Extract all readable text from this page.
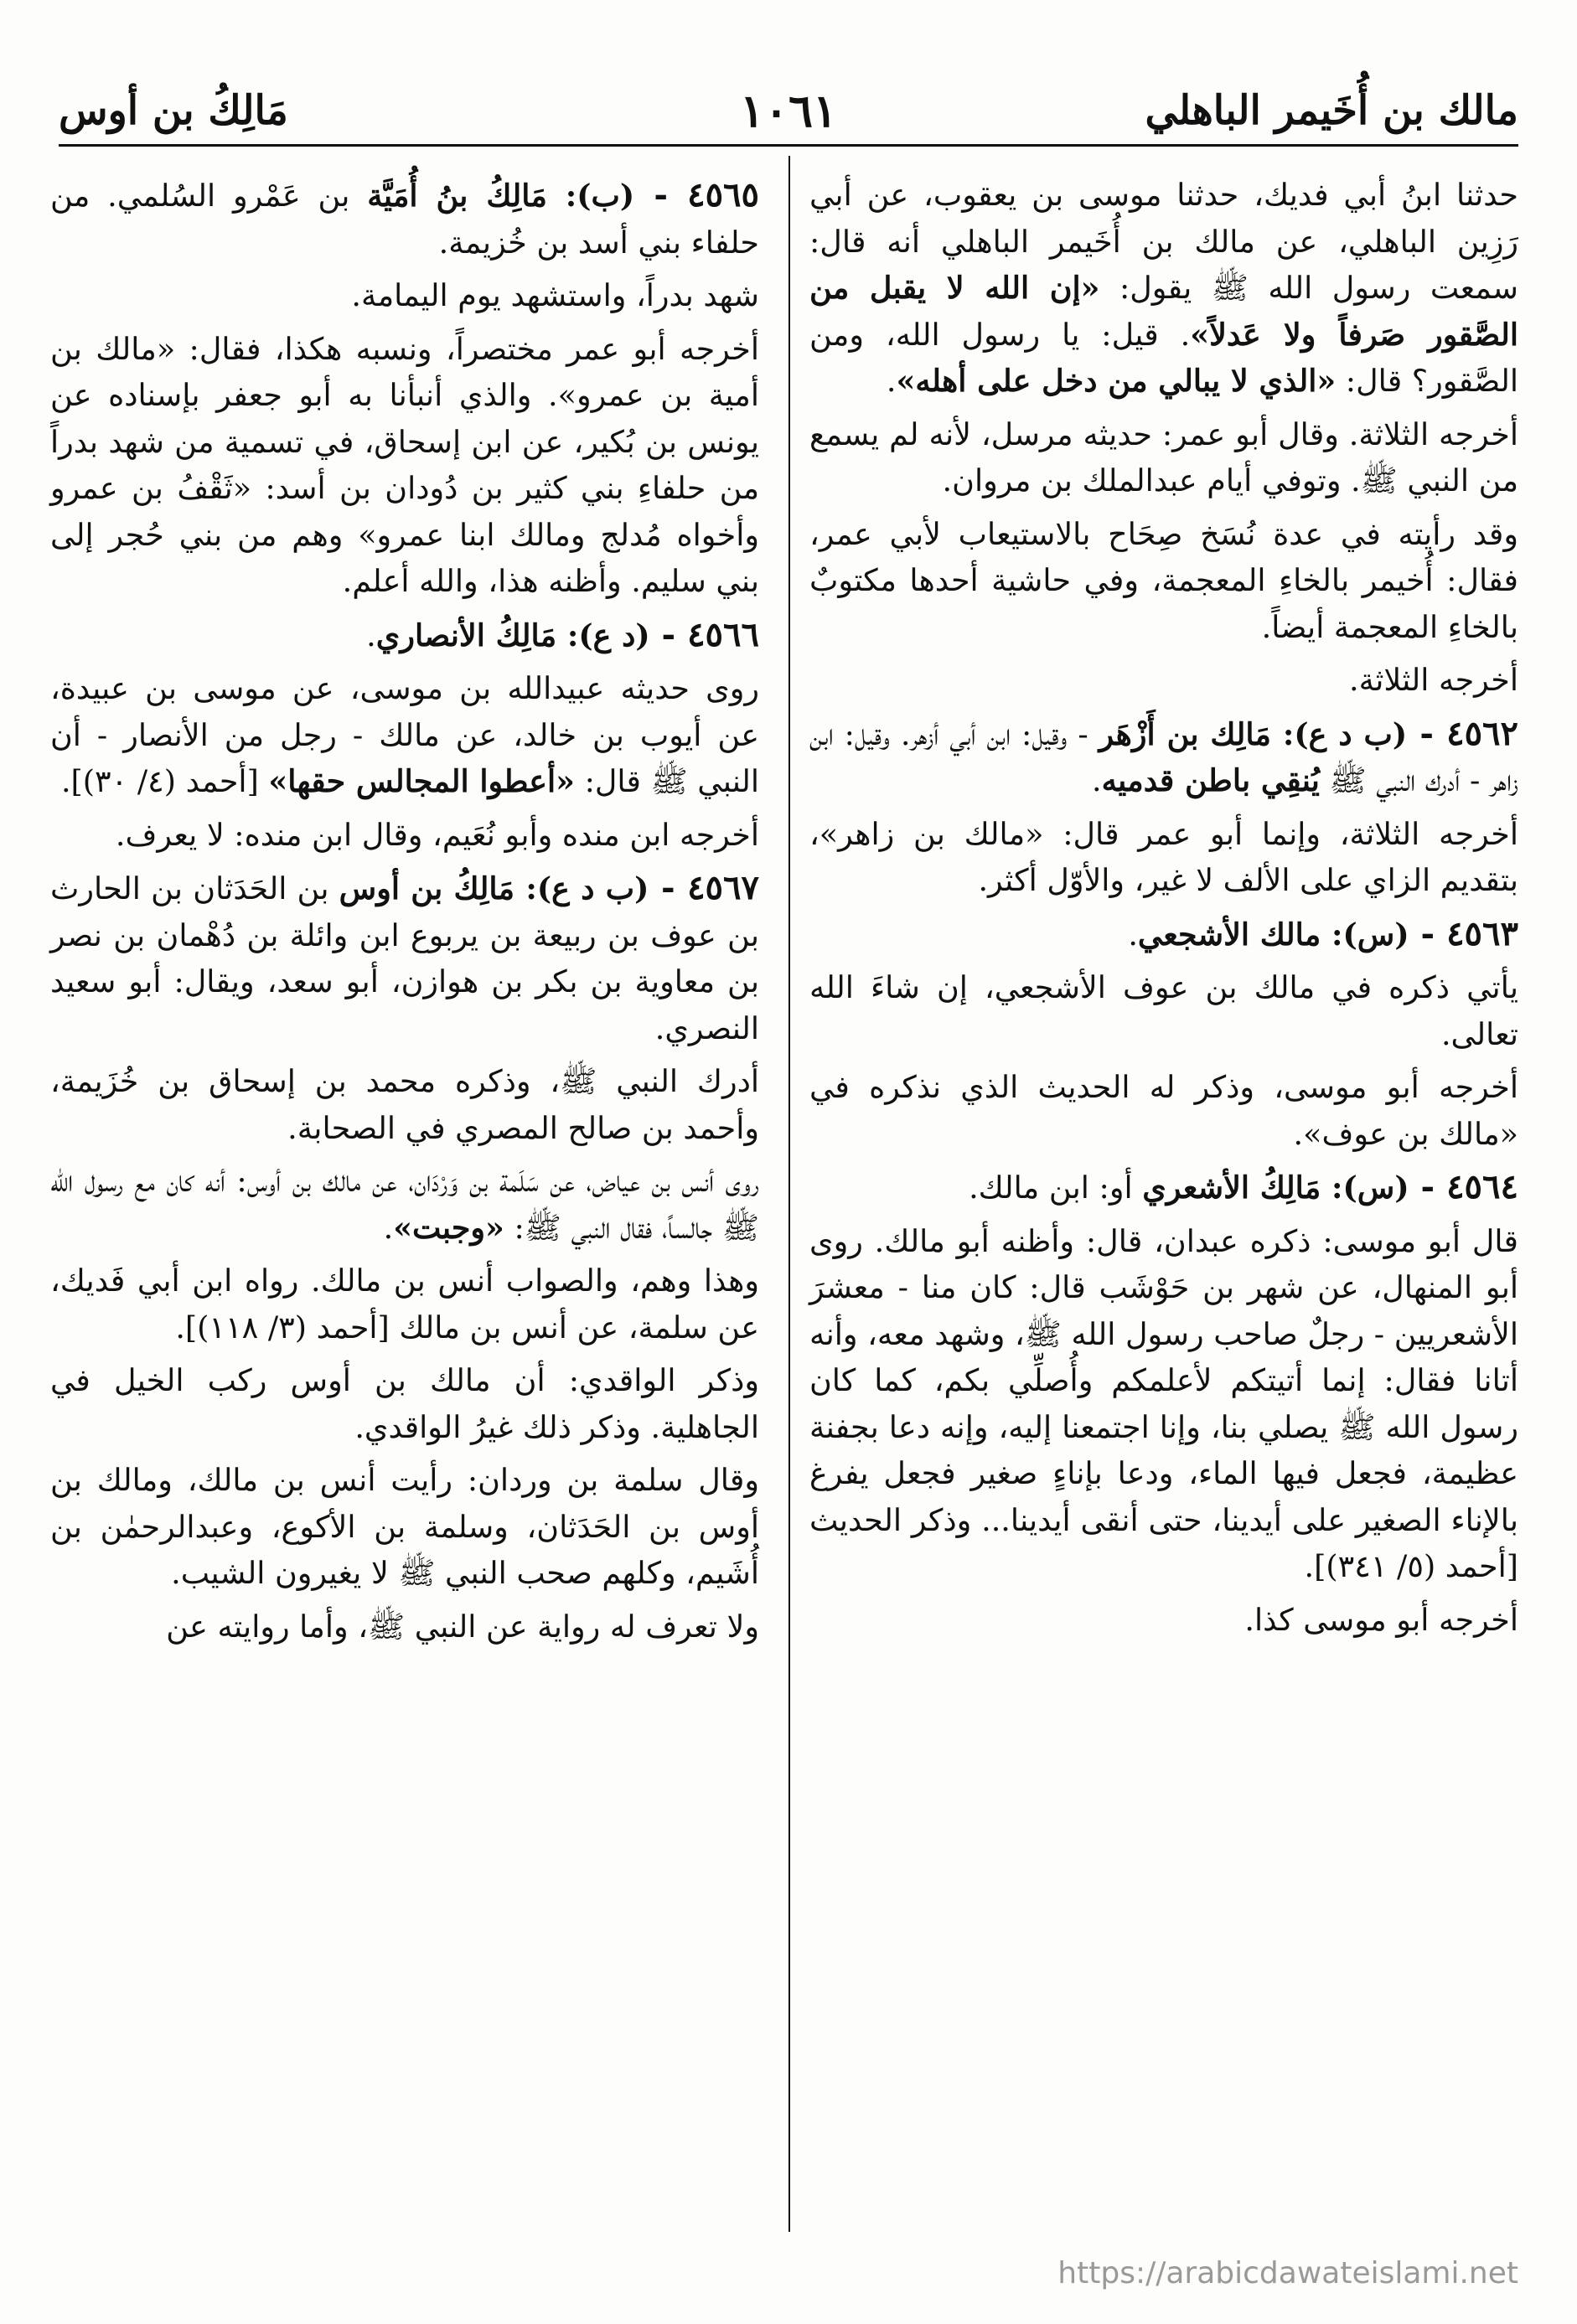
مالك بن أُخَيمر الباهلي
١٠٦١
مَالِكُ بن أوس

حدثنا ابنُ أبي فديك، حدثنا موسى بن يعقوب، عن أبي رَزِين الباهلي، عن مالك بن أُخَيمر الباهلي أنه قال: سمعت رسول الله ﷺ يقول: «إن الله لا يقبل من الصَّقور صَرفاً ولا عَدلاً». قيل: يا رسول الله، ومن الصَّقور؟ قال: «الذي لا يبالي من دخل على أهله».

أخرجه الثلاثة. وقال أبو عمر: حديثه مرسل، لأنه لم يسمع من النبي ﷺ. وتوفي أيام عبدالملك بن مروان.

وقد رأيته في عدة نُسَخ صِحَاح بالاستيعاب لأبي عمر، فقال: أُخيمر بالخاءِ المعجمة، وفي حاشية أحدها مكتوبٌ بالخاءِ المعجمة أيضاً.

أخرجه الثلاثة.

٤٥٦٢ - (ب د ع): مَالِك بن أَزْهَر - وقيل: ابن أبي أزهر. وقيل: ابن زاهر - أدرك النبي ﷺ يُنقِي باطن قدميه.

أخرجه الثلاثة، وإنما أبو عمر قال: «مالك بن زاهر»، بتقديم الزاي على الألف لا غير، والأوّل أكثر.

٤٥٦٣ - (س): مالك الأشجعي.

يأتي ذكره في مالك بن عوف الأشجعي، إن شاءَ الله تعالى.

أخرجه أبو موسى، وذكر له الحديث الذي نذكره في «مالك بن عوف».

٤٥٦٤ - (س): مَالِكُ الأشعري أو: ابن مالك.

قال أبو موسى: ذكره عبدان، قال: وأظنه أبو مالك. روى أبو المنهال، عن شهر بن حَوْشَب قال: كان منا - معشرَ الأشعريين - رجلٌ صاحب رسول الله ﷺ، وشهد معه، وأنه أتانا فقال: إنما أتيتكم لأعلمكم وأُصلِّي بكم، كما كان رسول الله ﷺ يصلي بنا، وإنا اجتمعنا إليه، وإنه دعا بجفنة عظيمة، فجعل فيها الماء، ودعا بإناءٍ صغير فجعل يفرغ بالإناء الصغير على أيدينا، حتى أنقى أيدينا... وذكر الحديث [أحمد (٥/ ٣٤١)].

أخرجه أبو موسى كذا.

٤٥٦٥ - (ب): مَالِكُ بنُ أُمَيَّة بن عَمْرو السُلمي. من حلفاء بني أسد بن خُزيمة.

شهد بدراً، واستشهد يوم اليمامة.

أخرجه أبو عمر مختصراً، ونسبه هكذا، فقال: «مالك بن أمية بن عمرو». والذي أنبأنا به أبو جعفر بإسناده عن يونس بن بُكير، عن ابن إسحاق، في تسمية من شهد بدراً من حلفاءِ بني كثير بن دُودان بن أسد: «ثَقْفُ بن عمرو وأخواه مُدلج ومالك ابنا عمرو» وهم من بني حُجر إلى بني سليم. وأظنه هذا، والله أعلم.

٤٥٦٦ - (د ع): مَالِكُ الأنصاري.

روى حديثه عبيدالله بن موسى، عن موسى بن عبيدة، عن أيوب بن خالد، عن مالك - رجل من الأنصار - أن النبي ﷺ قال: «أعطوا المجالس حقها» [أحمد (٤/ ٣٠)].

أخرجه ابن منده وأبو نُعَيم، وقال ابن منده: لا يعرف.

٤٥٦٧ - (ب د ع): مَالِكُ بن أوس بن الحَدَثان بن الحارث بن عوف بن ربيعة بن يربوع ابن وائلة بن دُهْمان بن نصر بن معاوية بن بكر بن هوازن، أبو سعد، ويقال: أبو سعيد النصري.

أدرك النبي ﷺ، وذكره محمد بن إسحاق بن خُزَيمة، وأحمد بن صالح المصري في الصحابة.

روى أنس بن عياض، عن سَلَمة بن وَرْدَان، عن مالك بن أوس: أنه كان مع رسول الله ﷺ جالساً، فقال النبي ﷺ: «وجبت».

وهذا وهم، والصواب أنس بن مالك. رواه ابن أبي فَديك، عن سلمة، عن أنس بن مالك [أحمد (٣/ ١١٨)].

وذكر الواقدي: أن مالك بن أوس ركب الخيل في الجاهلية. وذكر ذلك غيرُ الواقدي.

وقال سلمة بن وردان: رأيت أنس بن مالك، ومالك بن أوس بن الحَدَثان، وسلمة بن الأكوع، وعبدالرحمٰن بن أُشَيم، وكلهم صحب النبي ﷺ لا يغيرون الشيب.

ولا تعرف له رواية عن النبي ﷺ، وأما روايته عن

https://arabicdawateislami.net
